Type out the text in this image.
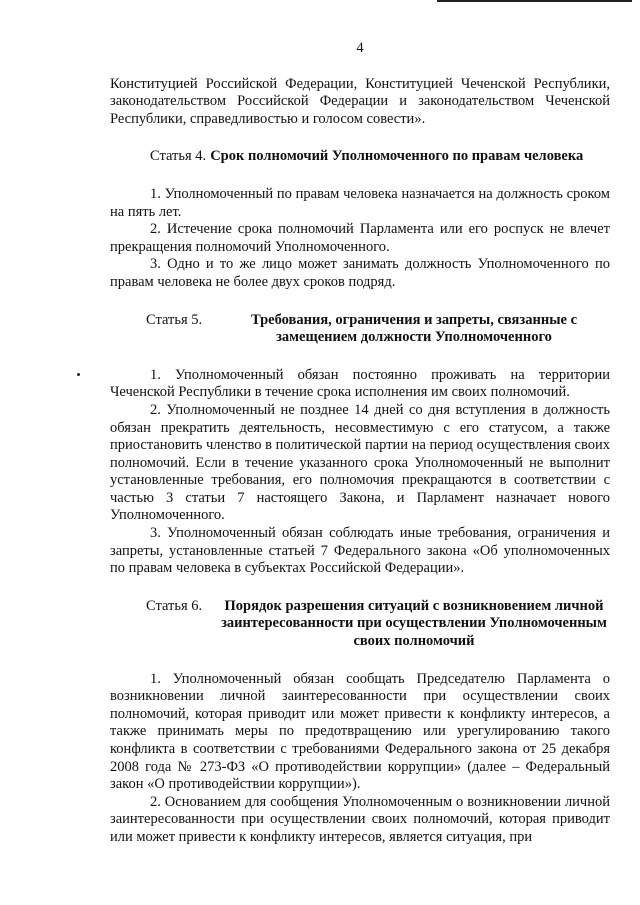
4

Конституцией Российской Федерации, Конституцией Чеченской Республики, законодательством Российской Федерации и законодательством Чеченской Республики, справедливостью и голосом совести».

Статья 4. Срок полномочий Уполномоченного по правам человека

1. Уполномоченный по правам человека назначается на должность сроком на пять лет.

2. Истечение срока полномочий Парламента или его роспуск не влечет прекращения полномочий Уполномоченного.

3. Одно и то же лицо может занимать должность Уполномоченного по правам человека не более двух сроков подряд.

Статья 5.	Требования, ограничения и запреты, связанные с замещением должности Уполномоченного

1. Уполномоченный обязан постоянно проживать на территории Чеченской Республики в течение срока исполнения им своих полномочий.

2. Уполномоченный не позднее 14 дней со дня вступления в должность обязан прекратить деятельность, несовместимую с его статусом, а также приостановить членство в политической партии на период осуществления своих полномочий. Если в течение указанного срока Уполномоченный не выполнит установленные требования, его полномочия прекращаются в соответствии с частью 3 статьи 7 настоящего Закона, и Парламент назначает нового Уполномоченного.

3. Уполномоченный обязан соблюдать иные требования, ограничения и запреты, установленные статьей 7 Федерального закона «Об уполномоченных по правам человека в субъектах Российской Федерации».

Статья 6.	Порядок разрешения ситуаций с возникновением личной заинтересованности при осуществлении Уполномоченным своих полномочий

1. Уполномоченный обязан сообщать Председателю Парламента о возникновении личной заинтересованности при осуществлении своих полномочий, которая приводит или может привести к конфликту интересов, а также принимать меры по предотвращению или урегулированию такого конфликта в соответствии с требованиями Федерального закона от 25 декабря 2008 года № 273-ФЗ «О противодействии коррупции» (далее – Федеральный закон «О противодействии коррупции»).

2. Основанием для сообщения Уполномоченным о возникновении личной заинтересованности при осуществлении своих полномочий, которая приводит или может привести к конфликту интересов, является ситуация, при
